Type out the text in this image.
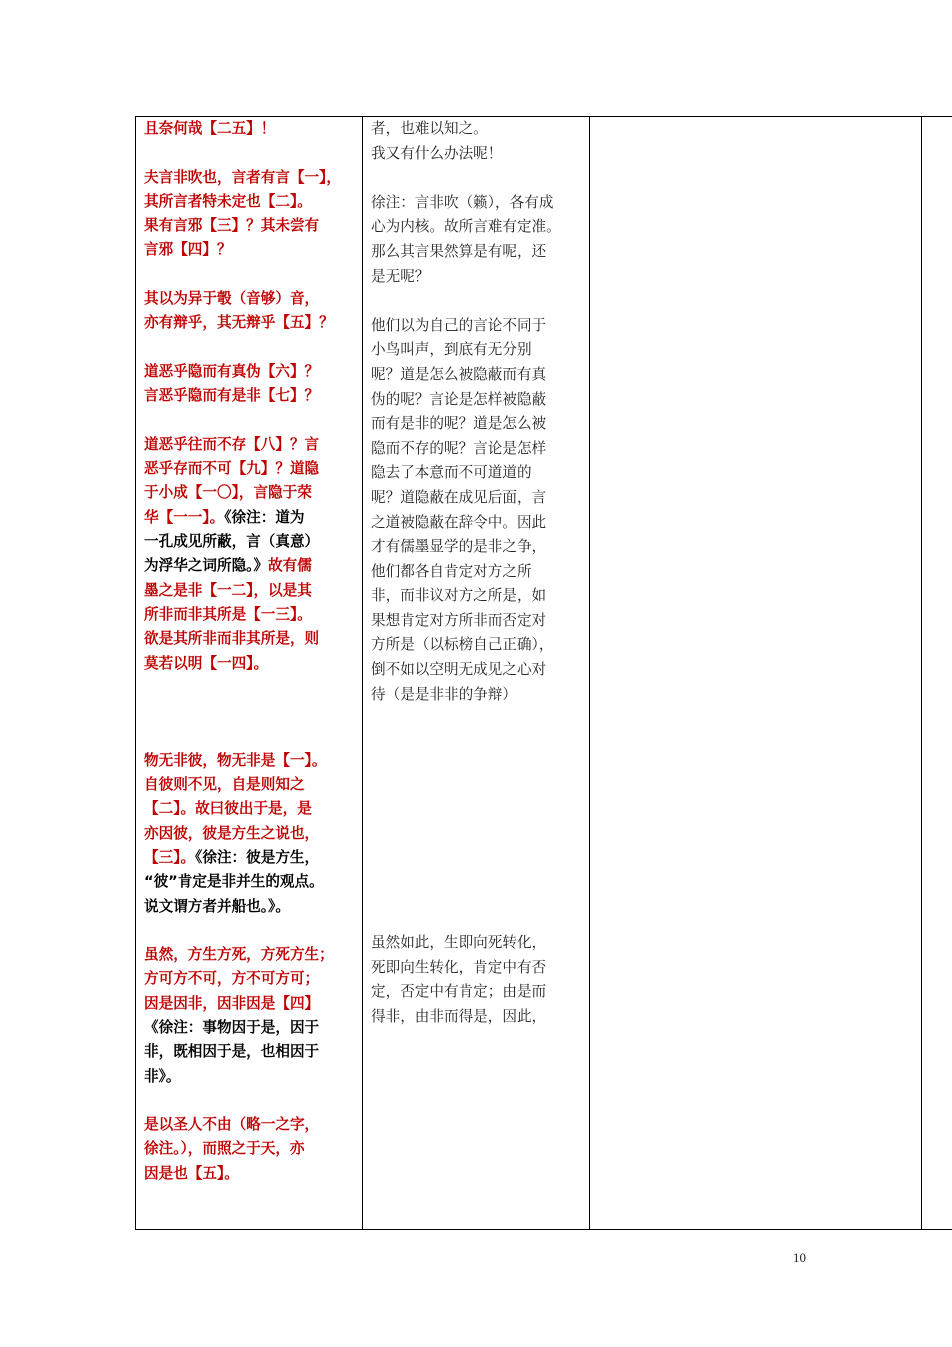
且奈何哉【二五】！

夫言非吹也，言者有言【一】，

其所言者特未定也【二】。

果有言邪【三】？其未尝有

言邪【四】？

其以为异于彀（音够）音，

亦有辩乎，其无辩乎【五】？

道恶乎隐而有真伪【六】？

言恶乎隐而有是非【七】？

道恶乎往而不存【八】？言

恶乎存而不可【九】？道隐

于小成【一〇】，言隐于荣

华【一一】。《徐注：道为

一孔成见所蔽，言（真意）

为浮华之词所隐。》故有儒

墨之是非【一二】，以是其

所非而非其所是【一三】。

欲是其所非而非其所是，则

莫若以明【一四】。

物无非彼，物无非是【一】。

自彼则不见，自是则知之

【二】。故曰彼出于是，是

亦因彼，彼是方生之说也，

【三】。《徐注：彼是方生，

“彼”肯定是非并生的观点。

说文谓方者并船也。》。

虽然，方生方死，方死方生；

方可方不可，方不可方可；

因是因非，因非因是【四】

《徐注：事物因于是，因于

非，既相因于是，也相因于

非》。

是以圣人不由（略一之字，

徐注。），而照之于天，亦

因是也【五】。

者，也难以知之。

我又有什么办法呢！

徐注：言非吹（籁），各有成

心为内核。故所言难有定准。

那么其言果然算是有呢，还

是无呢？

他们以为自己的言论不同于

小鸟叫声，到底有无分别

呢？道是怎么被隐蔽而有真

伪的呢？言论是怎样被隐蔽

而有是非的呢？道是怎么被

隐而不存的呢？言论是怎样

隐去了本意而不可道道的

呢？道隐蔽在成见后面，言

之道被隐蔽在辞令中。因此

才有儒墨显学的是非之争，

他们都各自肯定对方之所

非，而非议对方之所是，如

果想肯定对方所非而否定对

方所是（以标榜自己正确），

倒不如以空明无成见之心对

待（是是非非的争辩）

虽然如此，生即向死转化，

死即向生转化，肯定中有否

定，否定中有肯定；由是而

得非，由非而得是，因此，

10
